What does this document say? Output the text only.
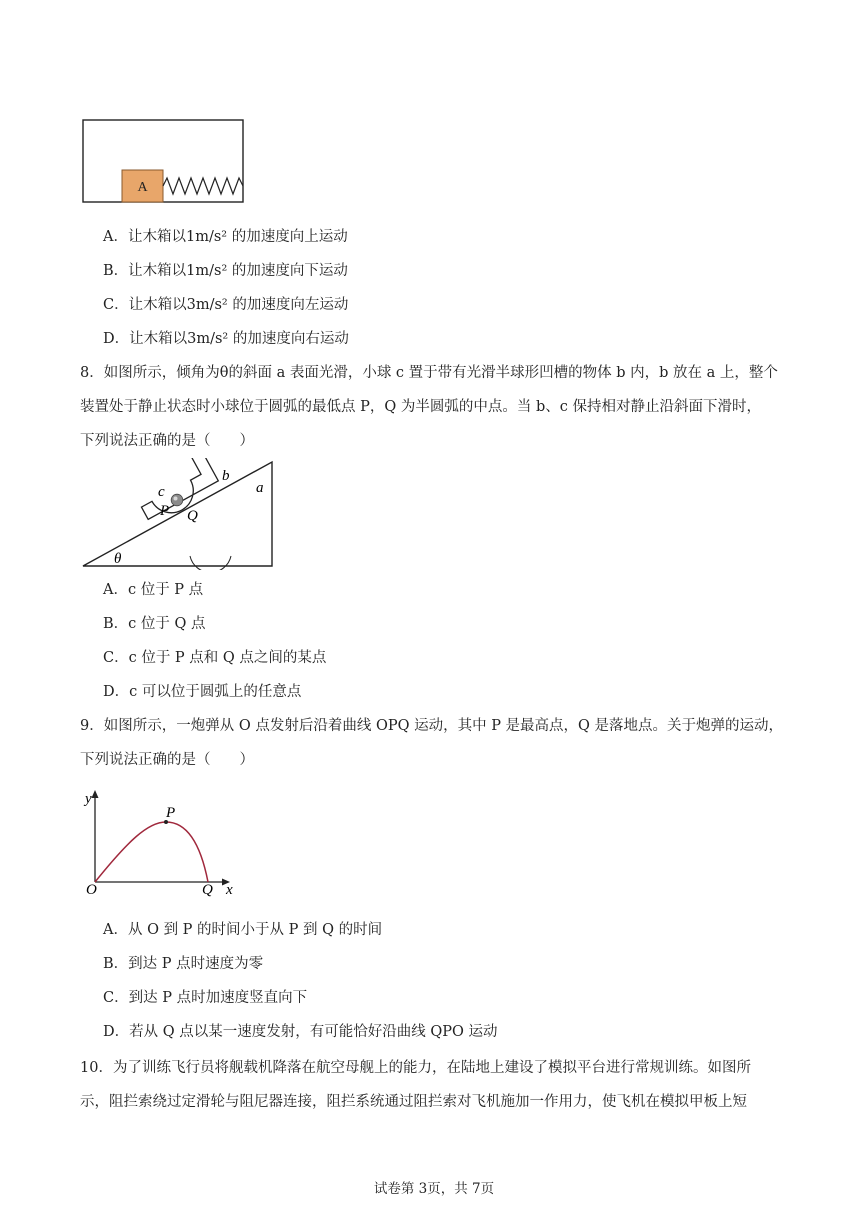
A
A．让木箱以1m/s² 的加速度向上运动
B．让木箱以1m/s² 的加速度向下运动
C．让木箱以3m/s² 的加速度向左运动
D．让木箱以3m/s² 的加速度向右运动
8．如图所示，倾角为θ的斜面 a 表面光滑，小球 c 置于带有光滑半球形凹槽的物体 b 内，b 放在 a 上，整个
装置处于静止状态时小球位于圆弧的最低点 P，Q 为半圆弧的中点。当 b、c 保持相对静止沿斜面下滑时，
下列说法正确的是（　　）
a
b
c
P Q
θ
A．c 位于 P 点
B．c 位于 Q 点
C．c 位于 P 点和 Q 点之间的某点
D．c 可以位于圆弧上的任意点
9．如图所示，一炮弹从 O 点发射后沿着曲线 OPQ 运动，其中 P 是最高点，Q 是落地点。关于炮弹的运动，
下列说法正确的是（　　）
y
x
O
P
Q
A．从 O 到 P 的时间小于从 P 到 Q 的时间
B．到达 P 点时速度为零
C．到达 P 点时加速度竖直向下
D．若从 Q 点以某一速度发射，有可能恰好沿曲线 QPO 运动
10．为了训练飞行员将舰载机降落在航空母舰上的能力，在陆地上建设了模拟平台进行常规训练。如图所
示，阻拦索绕过定滑轮与阻尼器连接，阻拦系统通过阻拦索对飞机施加一作用力，使飞机在模拟甲板上短
试卷第 3页，共 7页
